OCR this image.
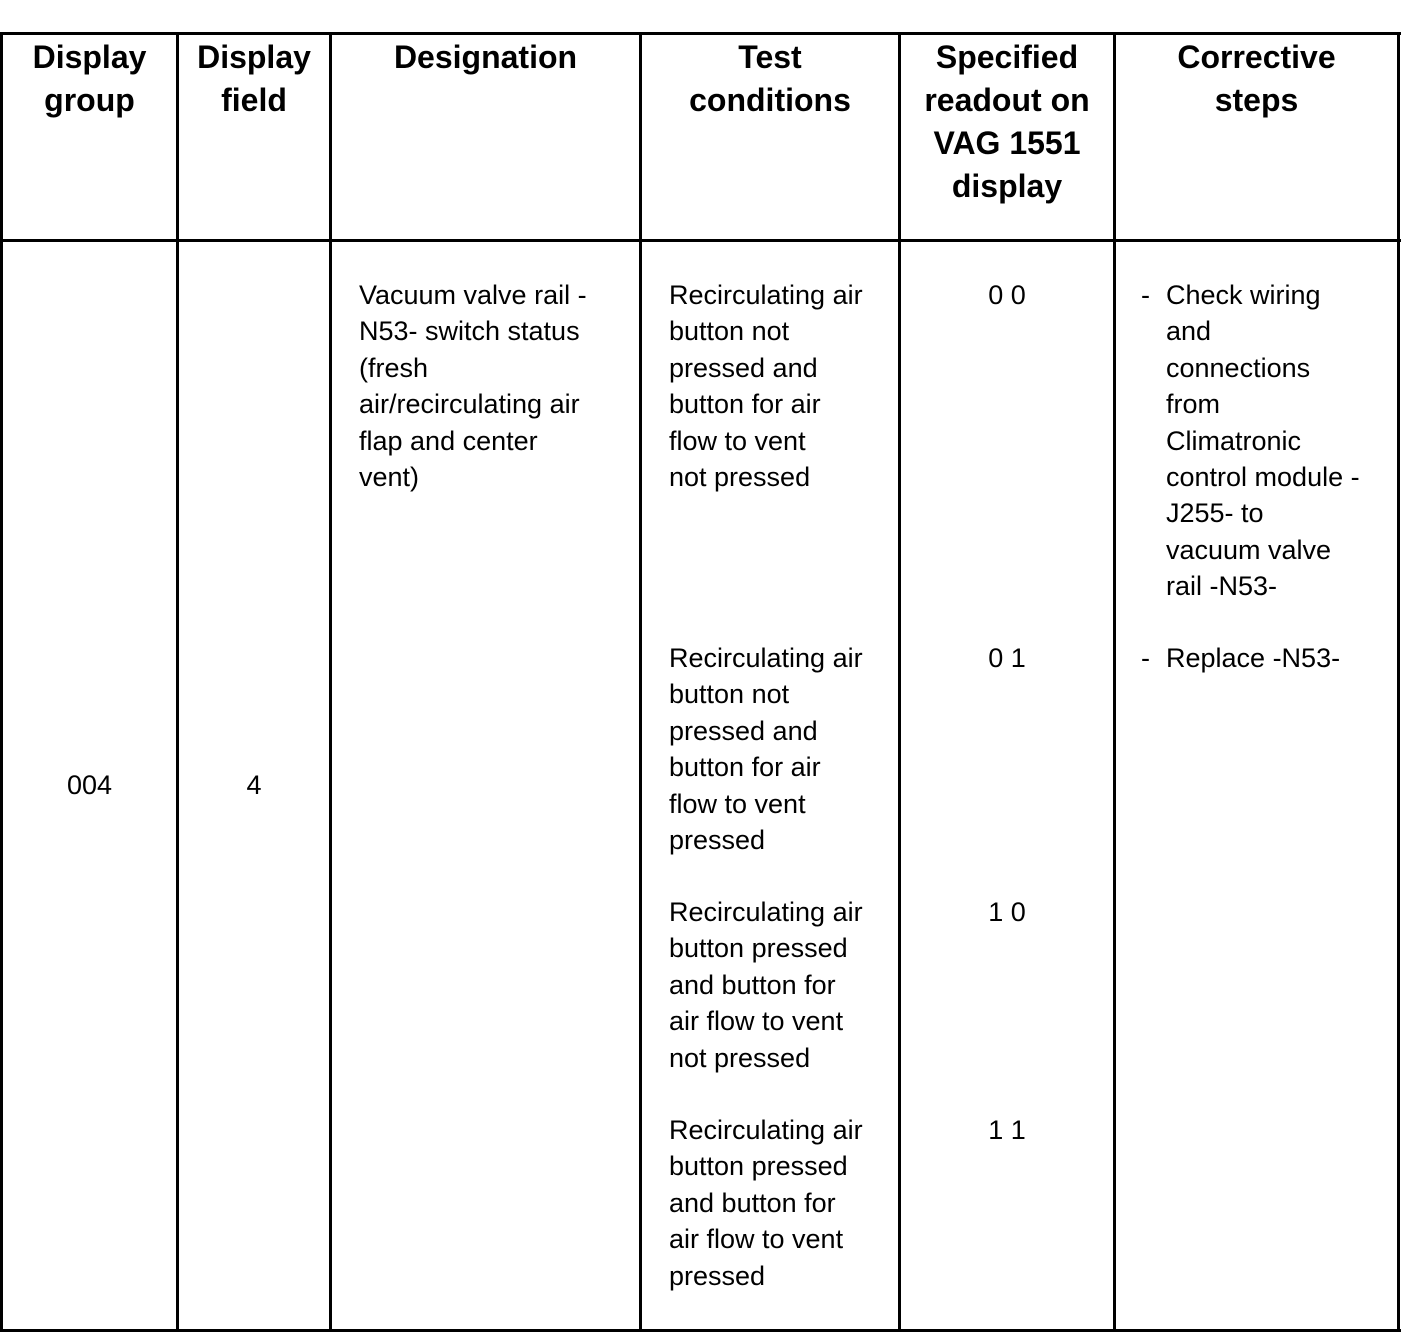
Display
group
Display
field
Designation	Test
conditions
Specified
readout on
VAG 1551
display
Corrective
steps
004	4
Vacuum valve rail -
N53- switch status
(fresh
air/recirculating air
flap and center
vent)
Recirculating air
button not
pressed and
button for air
flow to vent
not pressed
Recirculating air
button not
pressed and
button for air
flow to vent
pressed
Recirculating air
button pressed
and button for
air flow to vent
not pressed
Recirculating air
button pressed
and button for
air flow to vent
pressed
0 0
0 1
1 0
1 1
- Check wiring
and
connections
from
Climatronic
control module -
J255- to
vacuum valve
rail -N53-
- Replace -N53-
